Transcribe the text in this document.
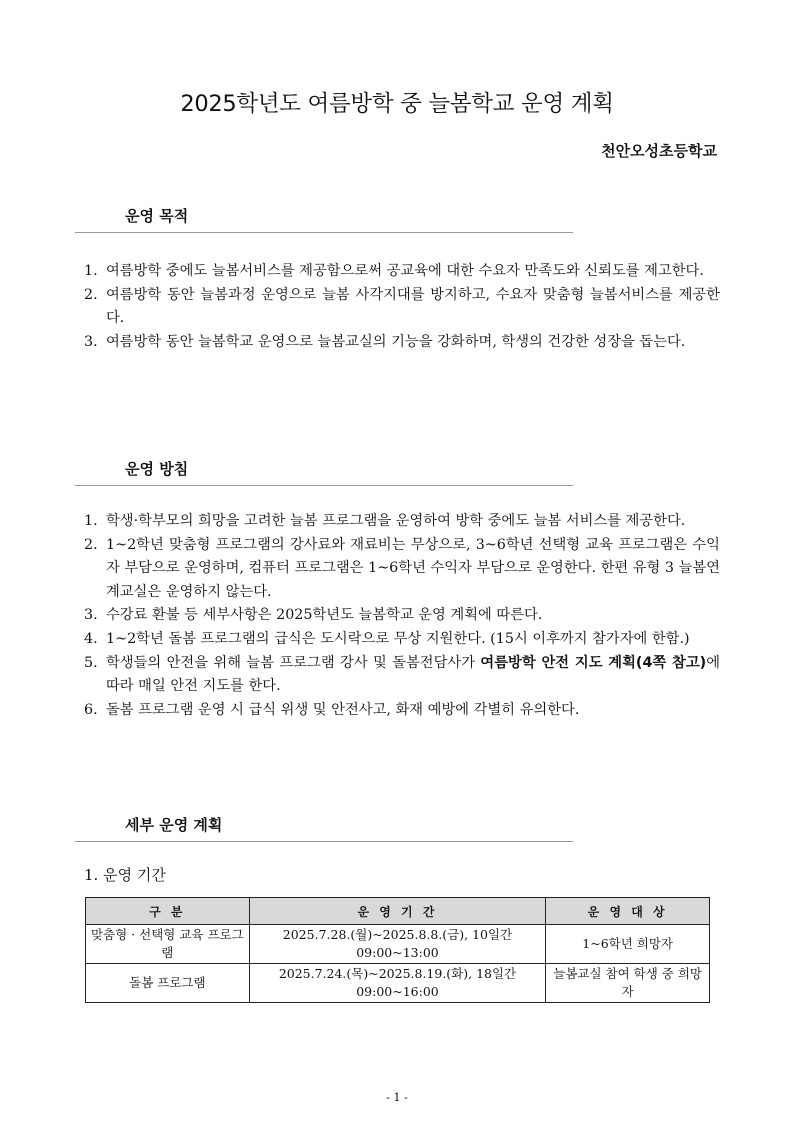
2025학년도 여름방학 중 늘봄학교 운영 계획
천안오성초등학교
운영 목적
1. 여름방학 중에도 늘봄서비스를 제공함으로써 공교육에 대한 수요자 만족도와 신뢰도를 제고한다.
2. 여름방학 동안 늘봄과정 운영으로 늘봄 사각지대를 방지하고, 수요자 맞춤형 늘봄서비스를 제공한다.
3. 여름방학 동안 늘봄학교 운영으로 늘봄교실의 기능을 강화하며, 학생의 건강한 성장을 돕는다.
운영 방침
1. 학생·학부모의 희망을 고려한 늘봄 프로그램을 운영하여 방학 중에도 늘봄 서비스를 제공한다.
2. 1~2학년 맞춤형 프로그램의 강사료와 재료비는 무상으로, 3~6학년 선택형 교육 프로그램은 수익자 부담으로 운영하며, 컴퓨터 프로그램은 1~6학년 수익자 부담으로 운영한다. 한편 유형 3 늘봄연계교실은 운영하지 않는다.
3. 수강료 환불 등 세부사항은 2025학년도 늘봄학교 운영 계획에 따른다.
4. 1~2학년 돌봄 프로그램의 급식은 도시락으로 무상 지원한다. (15시 이후까지 참가자에 한함.)
5. 학생들의 안전을 위해 늘봄 프로그램 강사 및 돌봄전담사가 여름방학 안전 지도 계획(4쪽 참고)에 따라 매일 안전 지도를 한다.
6. 돌봄 프로그램 운영 시 급식 위생 및 안전사고, 화재 예방에 각별히 유의한다.
세부 운영 계획
1. 운영 기간
구 분	운 영 기 간	운 영 대 상
맞춤형 · 선택형 교육 프로그램	2025.7.28.(월)~2025.8.8.(금), 10일간 09:00~13:00	1~6학년 희망자
돌봄 프로그램	2025.7.24.(목)~2025.8.19.(화), 18일간 09:00~16:00	늘봄교실 참여 학생 중 희망자
- 1 -
